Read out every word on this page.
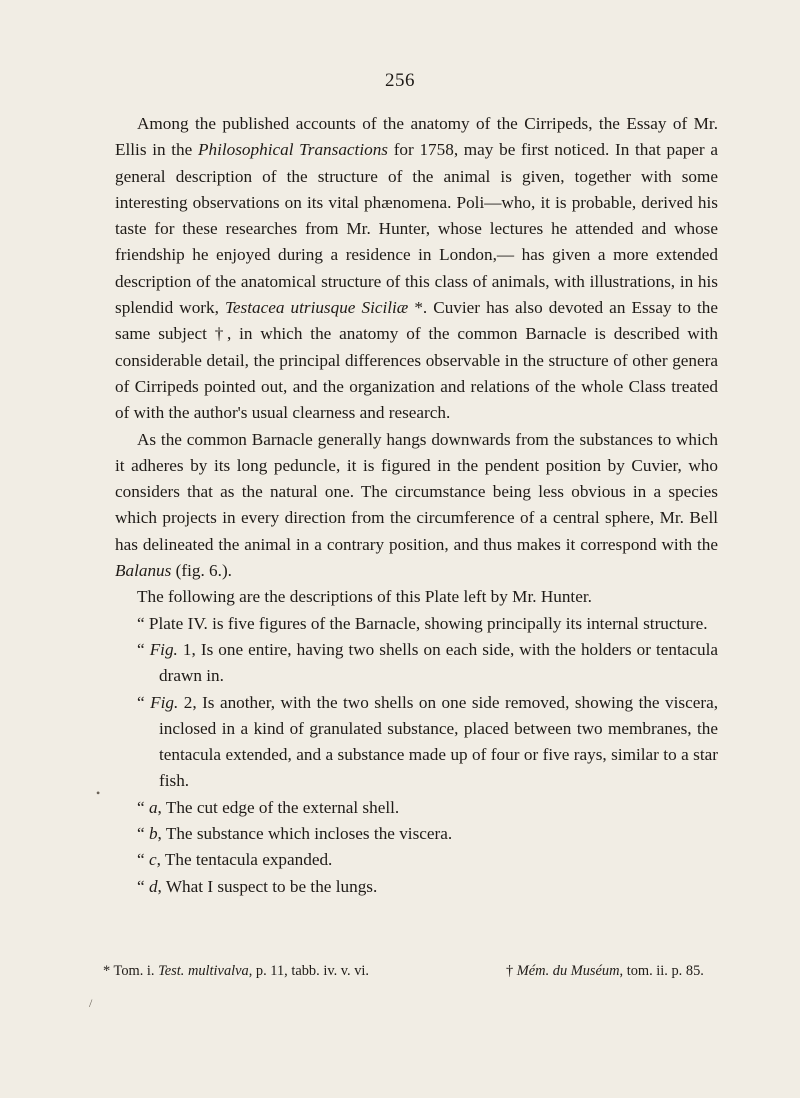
256

Among the published accounts of the anatomy of the Cirripeds, the Essay of Mr. Ellis in the Philosophical Transactions for 1758, may be first noticed. In that paper a general description of the structure of the animal is given, together with some interesting observations on its vital phænomena. Poli—who, it is probable, derived his taste for these researches from Mr. Hunter, whose lectures he attended and whose friendship he enjoyed during a residence in London,— has given a more extended description of the anatomical structure of this class of animals, with illustrations, in his splendid work, Testacea utriusque Siciliæ *. Cuvier has also devoted an Essay to the same subject †, in which the anatomy of the common Barnacle is described with considerable detail, the principal differences observable in the structure of other genera of Cirripeds pointed out, and the organization and relations of the whole Class treated of with the author's usual clearness and research.

As the common Barnacle generally hangs downwards from the substances to which it adheres by its long peduncle, it is figured in the pendent position by Cuvier, who considers that as the natural one. The circumstance being less obvious in a species which projects in every direction from the circumference of a central sphere, Mr. Bell has delineated the animal in a contrary position, and thus makes it correspond with the Balanus (fig. 6.).

The following are the descriptions of this Plate left by Mr. Hunter.

“ Plate IV. is five figures of the Barnacle, showing principally its internal structure.

“ Fig. 1, Is one entire, having two shells on each side, with the holders or tentacula drawn in.

“ Fig. 2, Is another, with the two shells on one side removed, showing the viscera, inclosed in a kind of granulated substance, placed between two membranes, the tentacula extended, and a substance made up of four or five rays, similar to a star fish.

“ a, The cut edge of the external shell.

“ b, The substance which incloses the viscera.

“ c, The tentacula expanded.

“ d, What I suspect to be the lungs.

* Tom. i. Test. multivalva, p. 11, tabb. iv. v. vi.	† Mém. du Muséum, tom. ii. p. 85.
•
/
